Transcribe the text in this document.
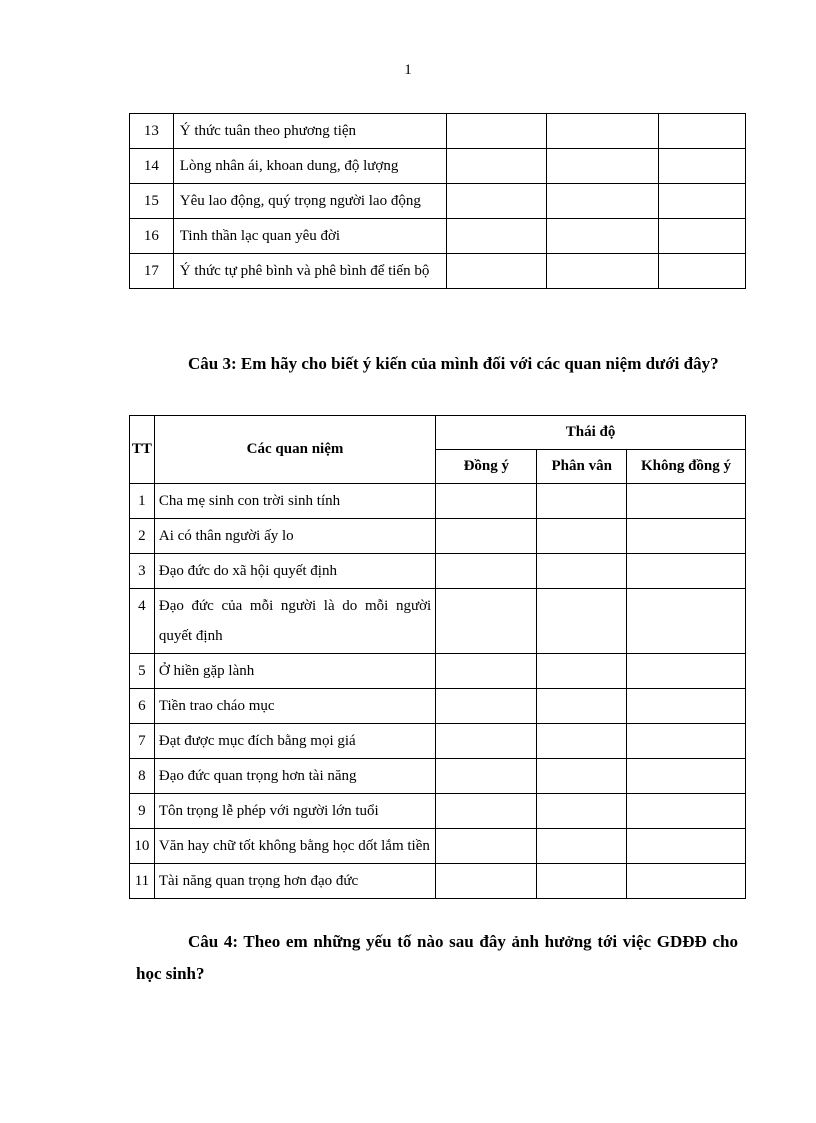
1
13	Ý thức tuân theo phương tiện			
14	Lòng nhân ái, khoan dung, độ lượng			
15	Yêu lao động, quý trọng người lao động			
16	Tinh thần lạc quan yêu đời			
17	Ý thức tự phê bình và phê bình để tiến bộ			
Câu 3: Em hãy cho biết ý kiến của mình đối với các quan niệm dưới đây?
TT	Các quan niệm	Thái độ		
		Đồng ý	Phân vân	Không đồng ý
1	Cha mẹ sinh con trời sinh tính			
2	Ai có thân người ấy lo			
3	Đạo đức do xã hội quyết định			
4	Đạo đức của mỗi người là do mỗi người quyết định			
5	Ở hiền gặp lành			
6	Tiền trao cháo mục			
7	Đạt được mục đích bằng mọi giá			
8	Đạo đức quan trọng hơn tài năng			
9	Tôn trọng lễ phép với người lớn tuổi			
10	Văn hay chữ tốt không bằng học dốt lắm tiền			
11	Tài năng quan trọng hơn đạo đức			
Câu 4: Theo em những yếu tố nào sau đây ảnh hưởng tới việc GDĐĐ cho học sinh?
